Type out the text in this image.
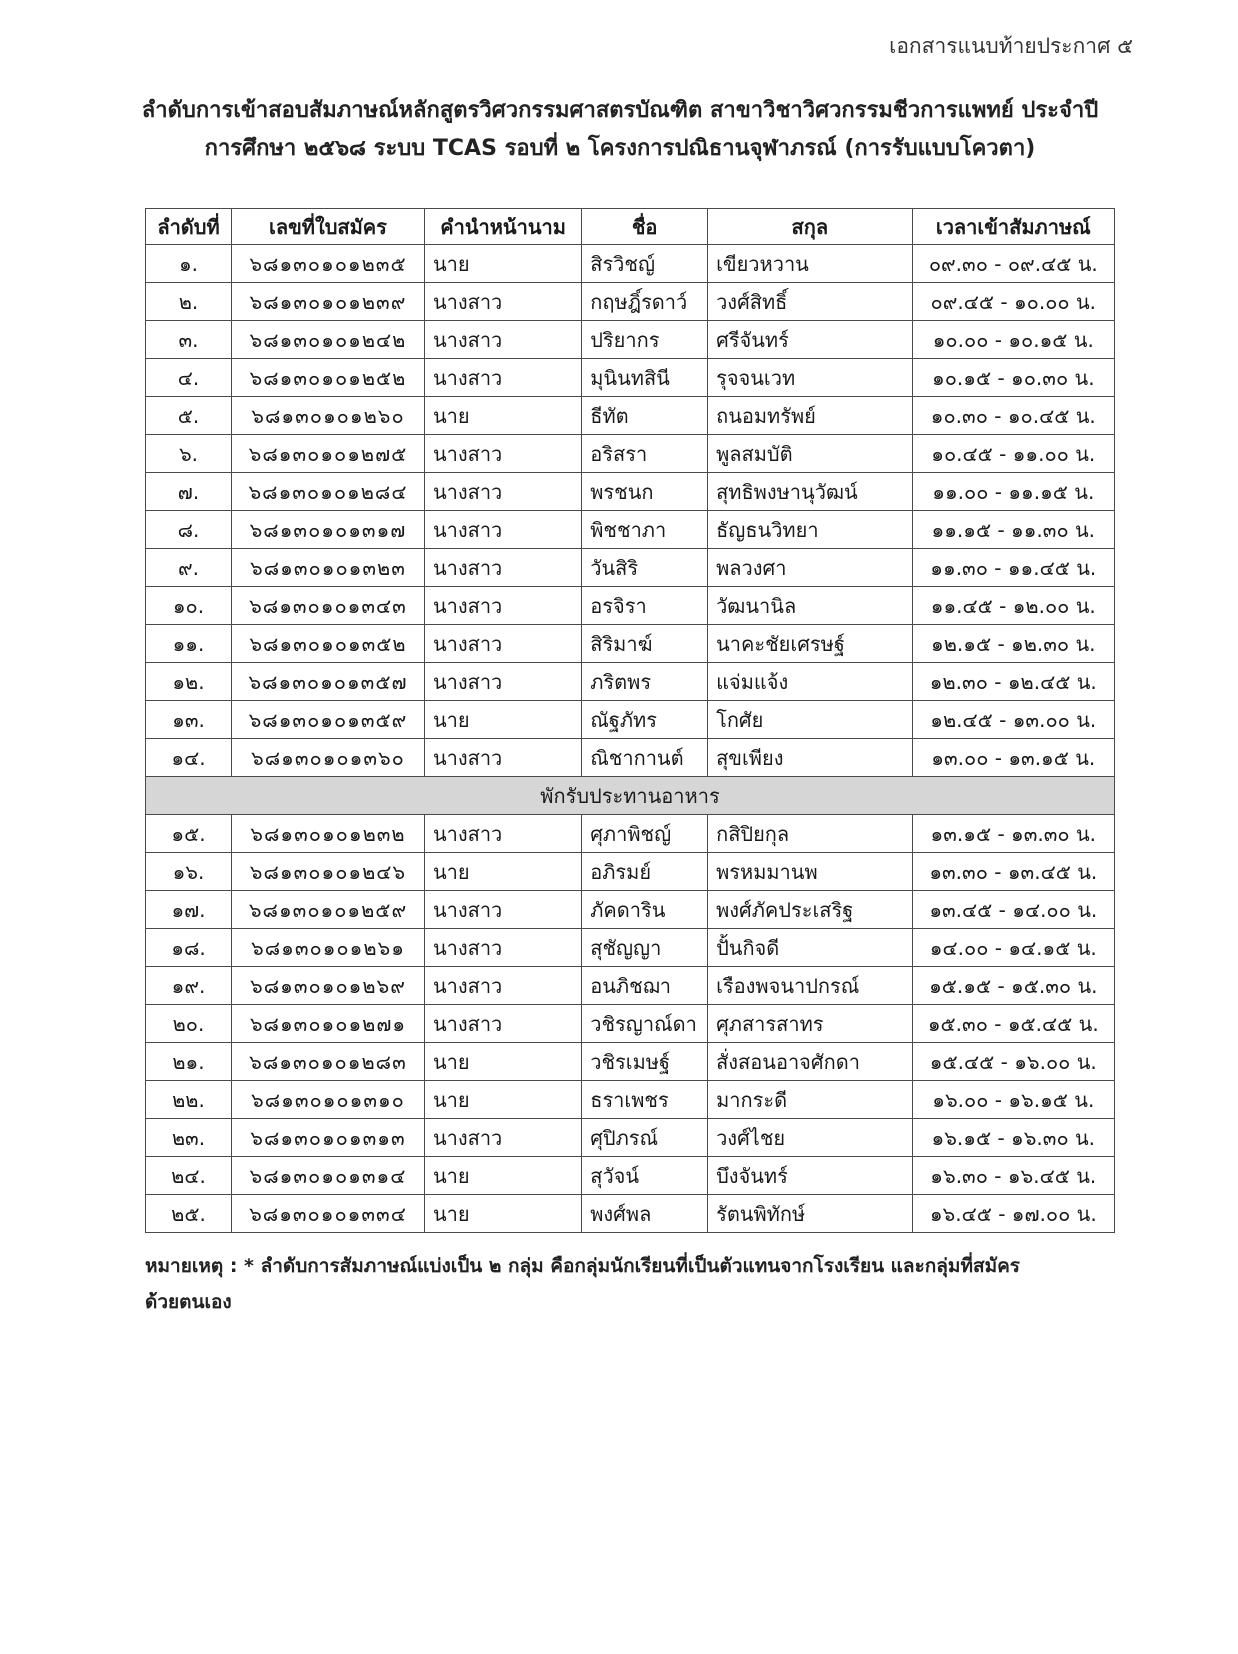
เอกสารแนบท้ายประกาศ ๕
ลำดับการเข้าสอบสัมภาษณ์หลักสูตรวิศวกรรมศาสตรบัณฑิต สาขาวิชาวิศวกรรมชีวการแพทย์ ประจำปี
การศึกษา ๒๕๖๘ ระบบ TCAS รอบที่ ๒ โครงการปณิธานจุฬาภรณ์ (การรับแบบโควตา)
ลำดับที่	เลขที่ใบสมัคร	คำนำหน้านาม	ชื่อ	สกุล	เวลาเข้าสัมภาษณ์
๑.	๖๘๑๓๐๑๐๑๒๓๕	นาย	สิรวิชญ์	เขียวหวาน	๐๙.๓๐ - ๐๙.๔๕ น.
๒.	๖๘๑๓๐๑๐๑๒๓๙	นางสาว	กฤษฎิ์รดาว์	วงศ์สิทธิ์	๐๙.๔๕ - ๑๐.๐๐ น.
๓.	๖๘๑๓๐๑๐๑๒๔๒	นางสาว	ปริยากร	ศรีจันทร์	๑๐.๐๐ - ๑๐.๑๕ น.
๔.	๖๘๑๓๐๑๐๑๒๕๒	นางสาว	มุนินทสินี	รุจจนเวท	๑๐.๑๕ - ๑๐.๓๐ น.
๕.	๖๘๑๓๐๑๐๑๒๖๐	นาย	ธีทัต	ถนอมทรัพย์	๑๐.๓๐ - ๑๐.๔๕ น.
๖.	๖๘๑๓๐๑๐๑๒๗๕	นางสาว	อริสรา	พูลสมบัติ	๑๐.๔๕ - ๑๑.๐๐ น.
๗.	๖๘๑๓๐๑๐๑๒๘๔	นางสาว	พรชนก	สุทธิพงษานุวัฒน์	๑๑.๐๐ - ๑๑.๑๕ น.
๘.	๖๘๑๓๐๑๐๑๓๑๗	นางสาว	พิชชาภา	ธัญธนวิทยา	๑๑.๑๕ - ๑๑.๓๐ น.
๙.	๖๘๑๓๐๑๐๑๓๒๓	นางสาว	วันสิริ	พลวงศา	๑๑.๓๐ - ๑๑.๔๕ น.
๑๐.	๖๘๑๓๐๑๐๑๓๔๓	นางสาว	อรจิรา	วัฒนานิล	๑๑.๔๕ - ๑๒.๐๐ น.
๑๑.	๖๘๑๓๐๑๐๑๓๕๒	นางสาว	สิริมาฆ์	นาคะชัยเศรษฐ์	๑๒.๑๕ - ๑๒.๓๐ น.
๑๒.	๖๘๑๓๐๑๐๑๓๕๗	นางสาว	ภริตพร	แจ่มแจ้ง	๑๒.๓๐ - ๑๒.๔๕ น.
๑๓.	๖๘๑๓๐๑๐๑๓๕๙	นาย	ณัฐภัทร	โกศัย	๑๒.๔๕ - ๑๓.๐๐ น.
๑๔.	๖๘๑๓๐๑๐๑๓๖๐	นางสาว	ณิชากานต์	สุขเพียง	๑๓.๐๐ - ๑๓.๑๕ น.
พักรับประทานอาหาร					
๑๕.	๖๘๑๓๐๑๐๑๒๓๒	นางสาว	ศุภาพิชญ์	กสิปิยกุล	๑๓.๑๕ - ๑๓.๓๐ น.
๑๖.	๖๘๑๓๐๑๐๑๒๔๖	นาย	อภิรมย์	พรหมมานพ	๑๓.๓๐ - ๑๓.๔๕ น.
๑๗.	๖๘๑๓๐๑๐๑๒๕๙	นางสาว	ภัคดาริน	พงศ์ภัคประเสริฐ	๑๓.๔๕ - ๑๔.๐๐ น.
๑๘.	๖๘๑๓๐๑๐๑๒๖๑	นางสาว	สุชัญญา	ปั้นกิจดี	๑๔.๐๐ - ๑๔.๑๕ น.
๑๙.	๖๘๑๓๐๑๐๑๒๖๙	นางสาว	อนภิชฌา	เรืองพจนาปกรณ์	๑๕.๑๕ - ๑๕.๓๐ น.
๒๐.	๖๘๑๓๐๑๐๑๒๗๑	นางสาว	วชิรญาณ์ดา	ศุภสารสาทร	๑๕.๓๐ - ๑๕.๔๕ น.
๒๑.	๖๘๑๓๐๑๐๑๒๘๓	นาย	วชิรเมษฐ์	สั่งสอนอาจศักดา	๑๕.๔๕ - ๑๖.๐๐ น.
๒๒.	๖๘๑๓๐๑๐๑๓๑๐	นาย	ธราเพชร	มากระดี	๑๖.๐๐ - ๑๖.๑๕ น.
๒๓.	๖๘๑๓๐๑๐๑๓๑๓	นางสาว	ศุปิภรณ์	วงศ์ไชย	๑๖.๑๕ - ๑๖.๓๐ น.
๒๔.	๖๘๑๓๐๑๐๑๓๑๔	นาย	สุวัจน์	บึงจันทร์	๑๖.๓๐ - ๑๖.๔๕ น.
๒๕.	๖๘๑๓๐๑๐๑๓๓๔	นาย	พงศ์พล	รัตนพิทักษ์	๑๖.๔๕ - ๑๗.๐๐ น.
หมายเหตุ : * ลำดับการสัมภาษณ์แบ่งเป็น ๒ กลุ่ม คือกลุ่มนักเรียนที่เป็นตัวแทนจากโรงเรียน และกลุ่มที่สมัคร
ด้วยตนเอง
